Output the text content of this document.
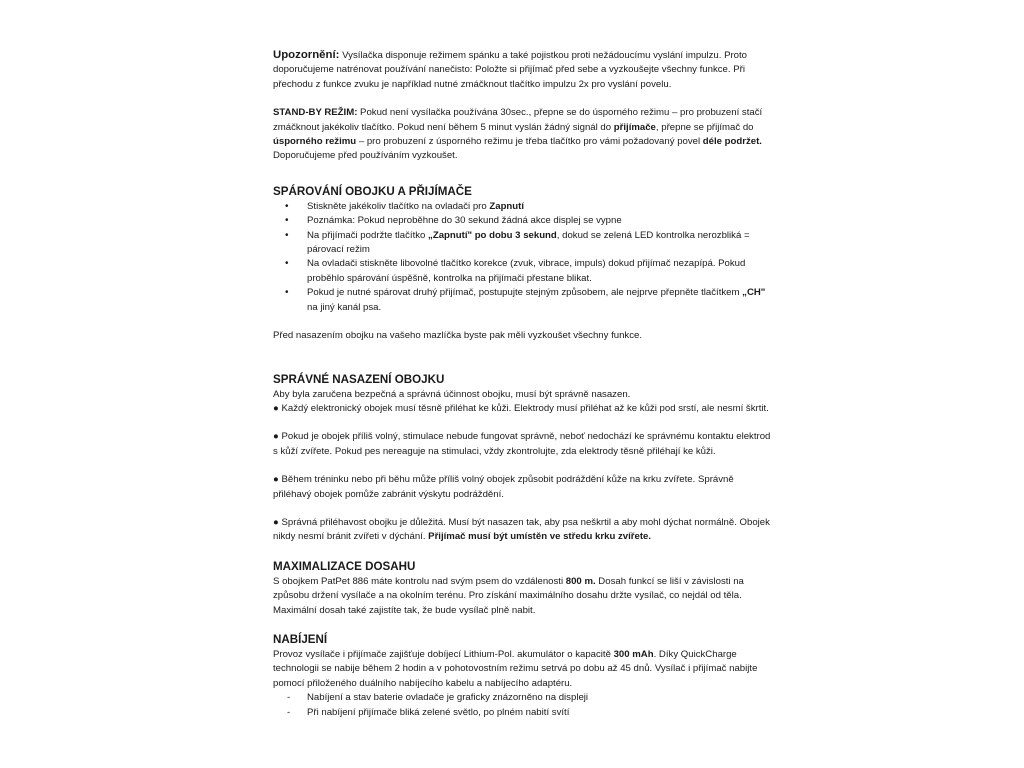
Upozornění: Vysílačka disponuje režimem spánku a také pojistkou proti nežádoucímu vyslání impulzu. Proto doporučujeme natrénovat používání nanečisto: Položte si přijímač před sebe a vyzkoušejte všechny funkce. Při přechodu z funkce zvuku je například nutné zmáčknout tlačítko impulzu 2x pro vyslání povelu.

STAND-BY REŽIM: Pokud není vysílačka používána 30sec., přepne se do úsporného režimu – pro probuzení stačí zmáčknout jakékoliv tlačítko. Pokud není během 5 minut vyslán žádný signál do přijímače, přepne se přijímač do úsporného režimu – pro probuzení z úsporného režimu je třeba tlačítko pro vámi požadovaný povel déle podržet. Doporučujeme před používáním vyzkoušet.

SPÁROVÁNÍ OBOJKU A PŘIJÍMAČE
• Stiskněte jakékoliv tlačítko na ovladači pro Zapnutí
• Poznámka: Pokud neproběhne do 30 sekund žádná akce displej se vypne
• Na přijímači podržte tlačítko „Zapnutí" po dobu 3 sekund, dokud se zelená LED kontrolka nerozbliká = párovací režim
• Na ovladači stiskněte libovolné tlačítko korekce (zvuk, vibrace, impuls) dokud přijímač nezapípá. Pokud proběhlo spárování úspěšně, kontrolka na přijímači přestane blikat.
• Pokud je nutné spárovat druhý přijímač, postupujte stejným způsobem, ale nejprve přepněte tlačítkem „CH" na jiný kanál psa.

Před nasazením obojku na vašeho mazlíčka byste pak měli vyzkoušet všechny funkce.

SPRÁVNÉ NASAZENÍ OBOJKU

Aby byla zaručena bezpečná a správná účinnost obojku, musí být správně nasazen.

● Každý elektronický obojek musí těsně přiléhat ke kůži. Elektrody musí přiléhat až ke kůži pod srstí, ale nesmí škrtit.

● Pokud je obojek příliš volný, stimulace nebude fungovat správně, neboť nedochází ke správnému kontaktu elektrod s kůží zvířete. Pokud pes nereaguje na stimulaci, vždy zkontrolujte, zda elektrody těsně přiléhají ke kůži.

● Během tréninku nebo při běhu může příliš volný obojek způsobit podráždění kůže na krku zvířete. Správně přiléhavý obojek pomůže zabránit výskytu podráždění.

● Správná přiléhavost obojku je důležitá. Musí být nasazen tak, aby psa neškrtil a aby mohl dýchat normálně. Obojek nikdy nesmí bránit zvířeti v dýchání. Přijímač musí být umístěn ve středu krku zvířete.

MAXIMALIZACE DOSAHU

S obojkem PatPet 886 máte kontrolu nad svým psem do vzdálenosti 800 m. Dosah funkcí se liší v závislosti na způsobu držení vysílače a na okolním terénu. Pro získání maximálního dosahu držte vysílač, co nejdál od těla. Maximální dosah také zajistíte tak, že bude vysílač plně nabit.

NABÍJENÍ

Provoz vysílače i přijímače zajišťuje dobíjecí Lithium-Pol. akumulátor o kapacitě 300 mAh. Díky QuickCharge technologii se nabije během 2 hodin a v pohotovostním režimu setrvá po dobu až 45 dnů. Vysílač i přijímač nabijte pomocí přiloženého duálního nabíjecího kabelu a nabíjecího adaptéru.

- Nabíjení a stav baterie ovladače je graficky znázorněno na displeji
- Při nabíjení přijímače bliká zelené světlo, po plném nabití svítí
